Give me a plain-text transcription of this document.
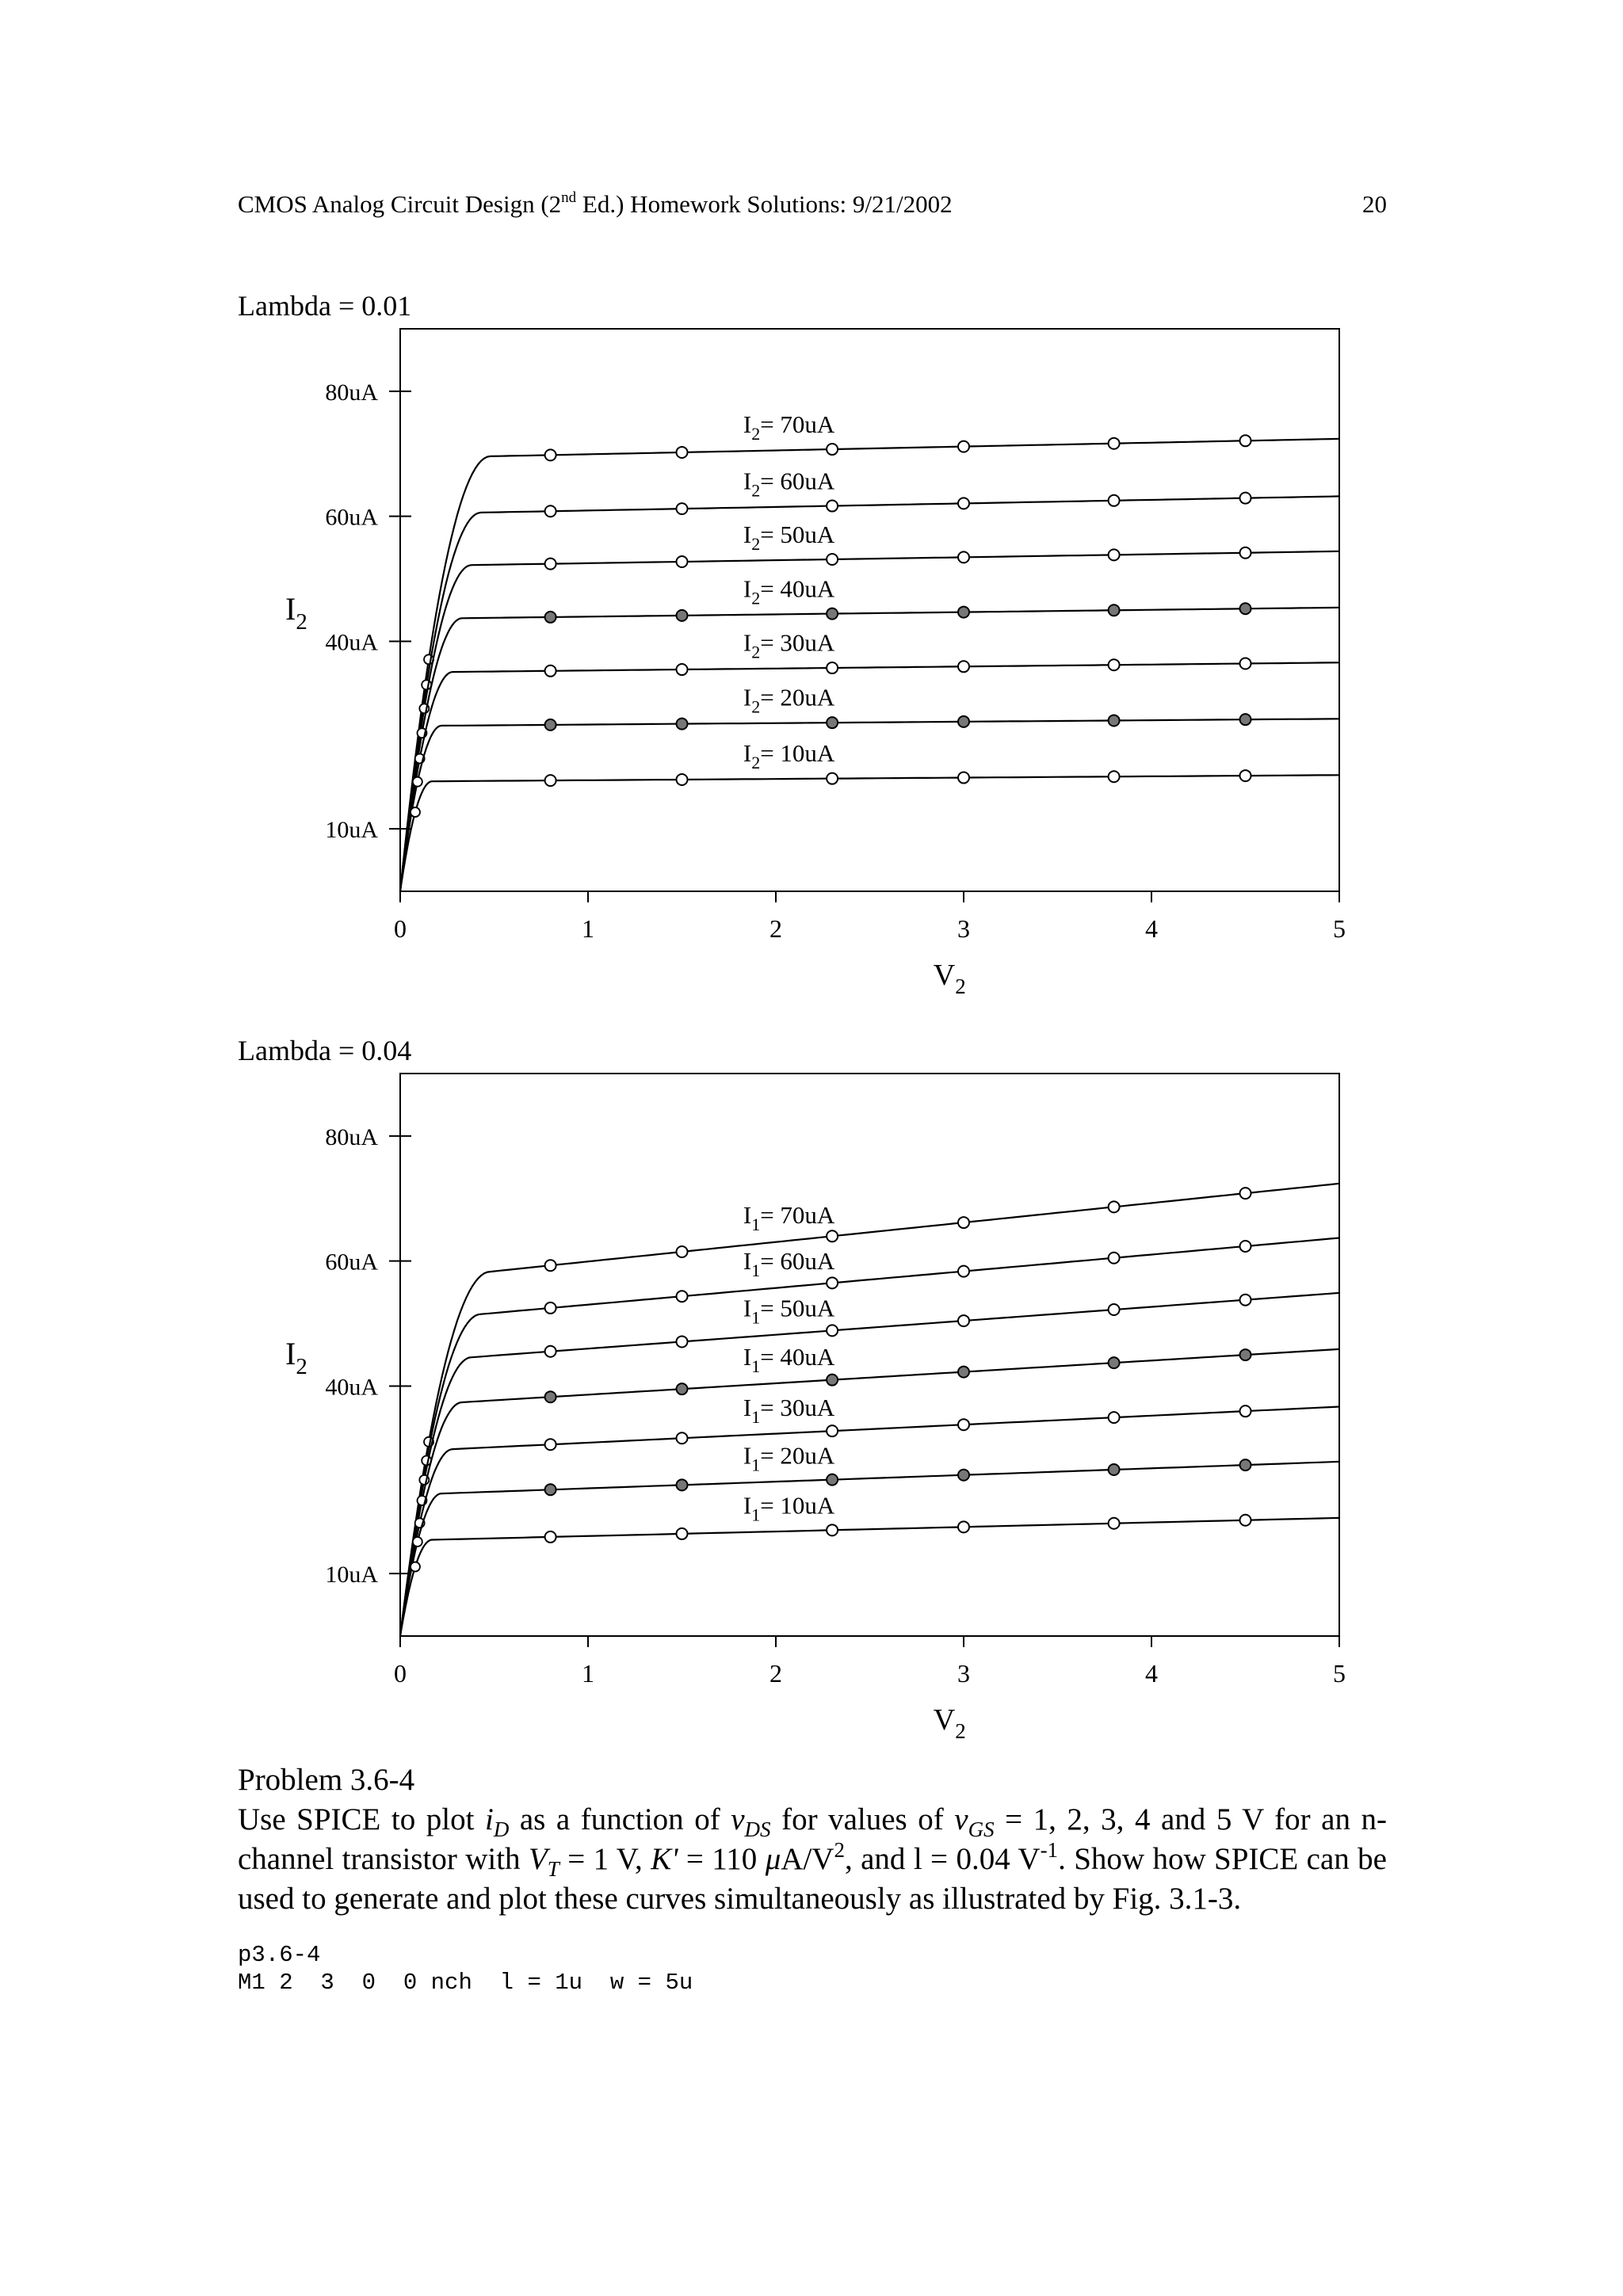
CMOS Analog Circuit Design (2nd Ed.) Homework Solutions: 9/21/2002	20
Lambda = 0.01
0	1	2	3	4	5
10uA
40uA
60uA
80uA
$V_2$
$I_2$
$I_2= 70uA$
$I_2= 60uA$
$I_2= 50uA$
$I_2= 40uA$
$I_2= 30uA$
$I_2= 20uA$
$I_2= 10uA$
Lambda = 0.04
0	1	2	3	4	5
10uA
40uA
60uA
80uA
$V_2$
$I_2$
$I_1= 70uA$
$I_1= 60uA$
$I_1= 50uA$
$I_1= 40uA$
$I_1= 30uA$
$I_1= 20uA$
$I_1= 10uA$
Problem 3.6-4
Use SPICE to plot $i_D$ as a function of $v_{DS}$ for values of $v_{GS} = 1$, 2, 3, 4 and 5 V for an n-channel transistor with $V_T = 1$ V, K' = 110 $\mu A/V^2$, and l = 0.04 $V^{-1}$. Show how SPICE can be used to generate and plot these curves simultaneously as illustrated by Fig. 3.1-3.
p3.6-4
M1 2  3  0  0 nch  l = 1u  w = 5u
